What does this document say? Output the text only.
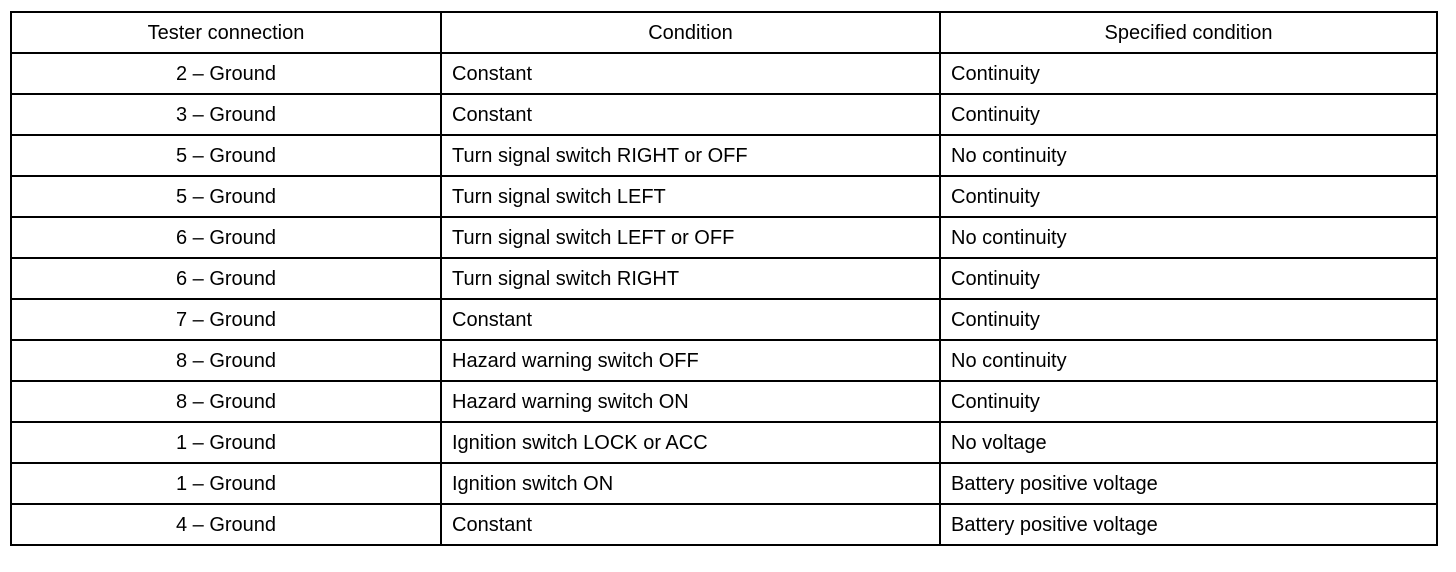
Tester connection	Condition	Specified condition
2 – Ground	Constant	Continuity
3 – Ground	Constant	Continuity
5 – Ground	Turn signal switch RIGHT or OFF	No continuity
5 – Ground	Turn signal switch LEFT	Continuity
6 – Ground	Turn signal switch LEFT or OFF	No continuity
6 – Ground	Turn signal switch RIGHT	Continuity
7 – Ground	Constant	Continuity
8 – Ground	Hazard warning switch OFF	No continuity
8 – Ground	Hazard warning switch ON	Continuity
1 – Ground	Ignition switch LOCK or ACC	No voltage
1 – Ground	Ignition switch ON	Battery positive voltage
4 – Ground	Constant	Battery positive voltage
